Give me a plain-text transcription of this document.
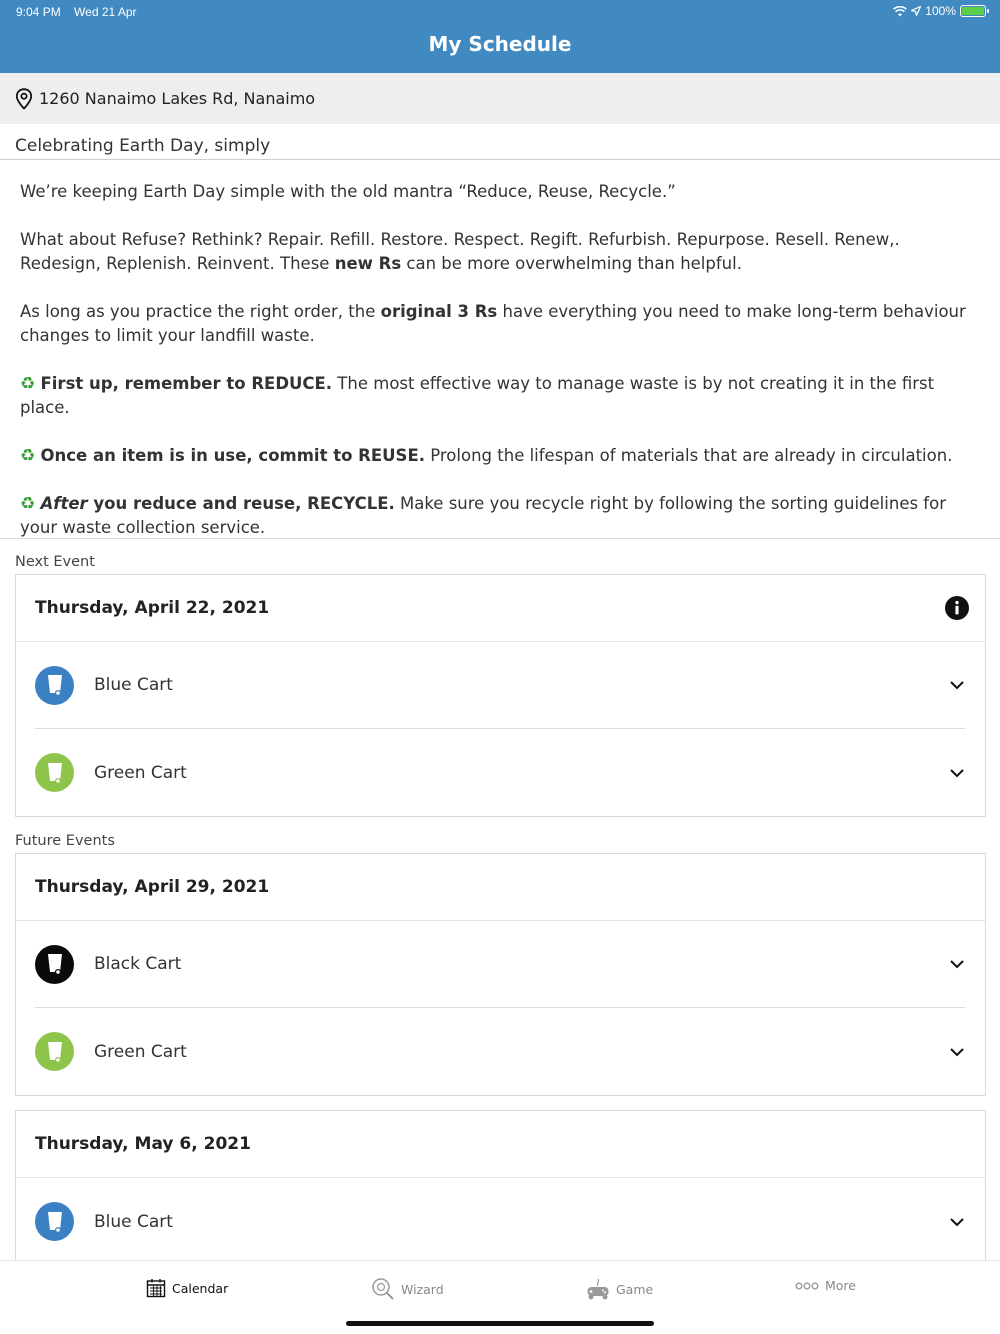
9:04 PM Wed 21 Apr	100%
My Schedule
1260 Nanaimo Lakes Rd, Nanaimo
Celebrating Earth Day, simply

We’re keeping Earth Day simple with the old mantra “Reduce, Reuse, Recycle.”

What about Refuse? Rethink? Repair. Refill. Restore. Respect. Regift. Refurbish. Repurpose. Resell. Renew,. Redesign, Replenish. Reinvent. These new Rs can be more overwhelming than helpful.

As long as you practice the right order, the original 3 Rs have everything you need to make long-term behaviour changes to limit your landfill waste.

♻ First up, remember to REDUCE. The most effective way to manage waste is by not creating it in the first place.

♻ Once an item is in use, commit to REUSE. Prolong the lifespan of materials that are already in circulation.

♻ After you reduce and reuse, RECYCLE. Make sure you recycle right by following the sorting guidelines for your waste collection service.

Next Event
Thursday, April 22, 2021
Blue Cart
Green Cart
Future Events
Thursday, April 29, 2021
Black Cart
Green Cart
Thursday, May 6, 2021
Blue Cart
Calendar	Wizard	Game	More
